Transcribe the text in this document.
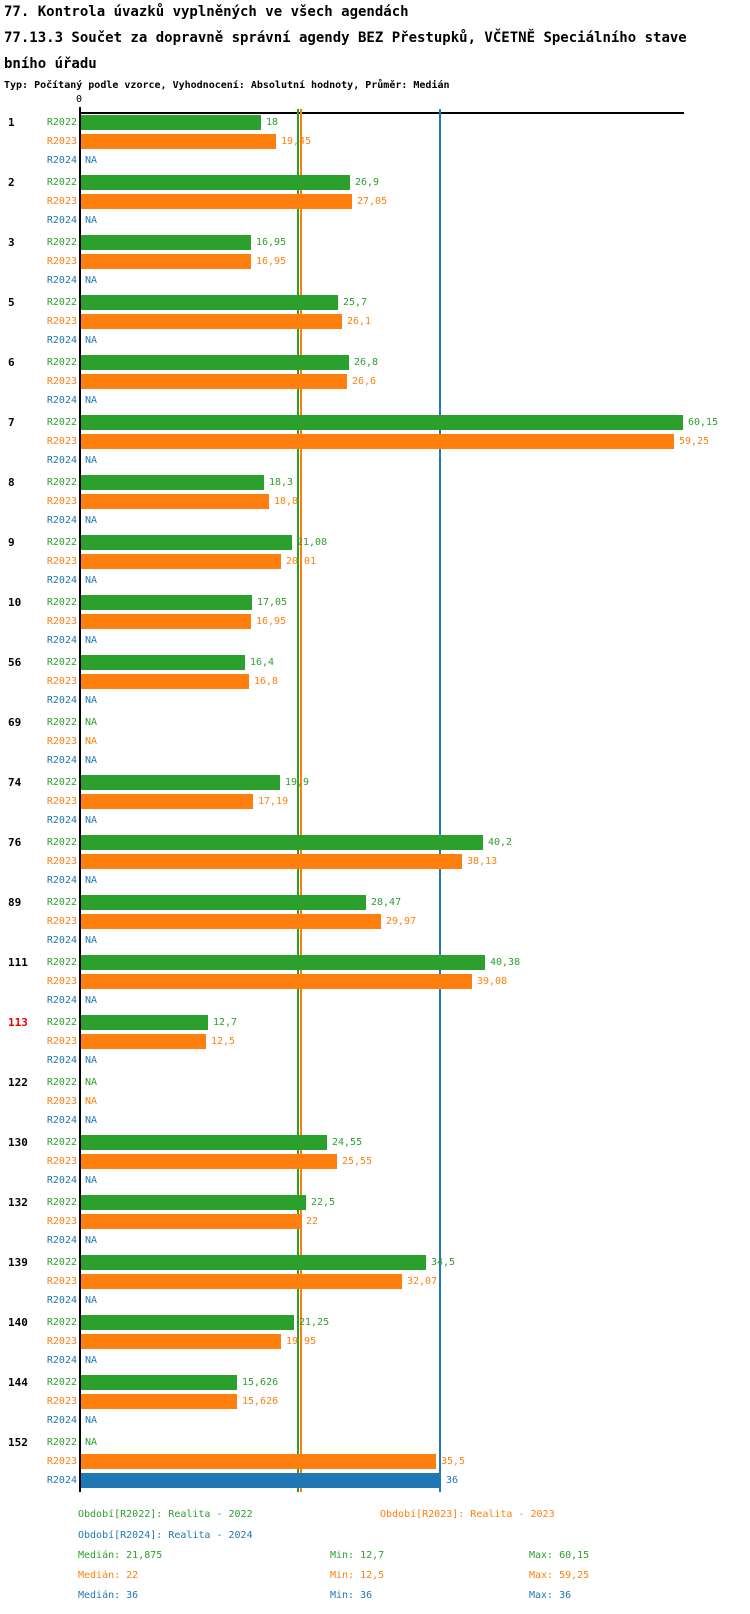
77. Kontrola úvazků vyplněných ve všech agendách
77.13.3 Součet za dopravně správní agendy BEZ Přestupků, VČETNĚ Speciálního stave
bního úřadu
Typ: Počítaný podle vzorce, Vyhodnocení: Absolutní hodnoty, Průměr: Medián
0
1	R2022	18
R2023	19,45
R2024 NA
2	R2022	26,9
R2023	27,05
R2024 NA
3	R2022	16,95
R2023	16,95
R2024 NA
5	R2022	25,7
R2023	26,1
R2024 NA
6	R2022	26,8
R2023	26,6
R2024 NA
7	R2022	60,15
R2023	59,25
R2024 NA
8	R2022	18,3
R2023	18,8
R2024 NA
9	R2022	21,08
R2023	20,01
R2024 NA
10	R2022	17,05
R2023	16,95
R2024 NA
56	R2022	16,4
R2023	16,8
R2024 NA
69	R2022 NA
R2023 NA
R2024 NA
74	R2022	19,9
R2023	17,19
R2024 NA
76	R2022	40,2
R2023	38,13
R2024 NA
89	R2022	28,47
R2023	29,97
R2024 NA
111	R2022	40,38
R2023	39,08
R2024 NA
113	R2022	12,7
R2023	12,5
R2024 NA
122	R2022 NA
R2023 NA
R2024 NA
130	R2022	24,55
R2023	25,55
R2024 NA
132	R2022	22,5
R2023	22
R2024 NA
139	R2022	34,5
R2023	32,07
R2024 NA
140	R2022	21,25
R2023	19,95
R2024 NA
144	R2022	15,626
R2023	15,626
R2024 NA
152	R2022 NA
R2023	35,5
R2024	36
Období[R2022]: Realita - 2022	Období[R2023]: Realita - 2023
Období[R2024]: Realita - 2024
Medián: 21,875	Min: 12,7	Max: 60,15
Medián: 22	Min: 12,5	Max: 59,25
Medián: 36	Min: 36	Max: 36
